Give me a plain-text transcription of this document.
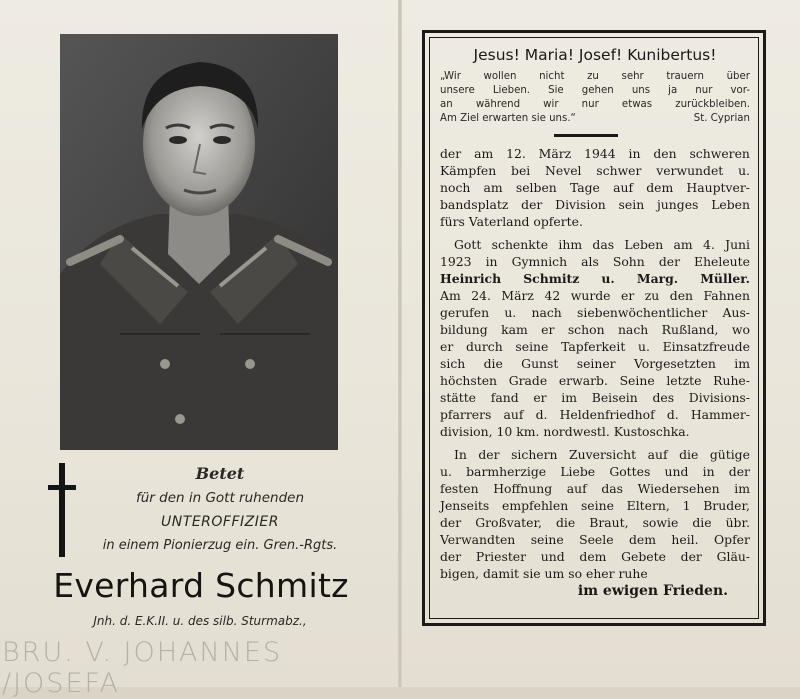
Betet
für den in Gott ruhenden
UNTEROFFIZIER
in einem Pionierzug ein. Gren.-Rgts.
Everhard Schmitz
Jnh. d. E.K.II. u. des silb. Sturmabz.,
BRU. V. JOHANNES /JOSEFA
Jesus! Maria! Josef! Kunibertus!
„Wir wollen nicht zu sehr trauern über
unsere Lieben. Sie gehen uns ja nur vor-
an während wir nur etwas zurückbleiben.
Am Ziel erwarten sie uns.“	St. Cyprian
der am 12. März 1944 in den schweren
Kämpfen bei Nevel schwer verwundet u.
noch am selben Tage auf dem Hauptver-
bandsplatz der Division sein junges Leben
fürs Vaterland opferte.
Gott schenkte ihm das Leben am 4. Juni
1923 in Gymnich als Sohn der Eheleute
Heinrich Schmitz u. Marg. Müller.
Am 24. März 42 wurde er zu den Fahnen
gerufen u. nach siebenwöchentlicher Aus-
bildung kam er schon nach Rußland, wo
er durch seine Tapferkeit u. Einsatzfreude
sich die Gunst seiner Vorgesetzten im
höchsten Grade erwarb. Seine letzte Ruhe-
stätte fand er im Beisein des Divisions-
pfarrers auf d. Heldenfriedhof d. Hammer-
division, 10 km. nordwestl. Kustoschka.
In der sichern Zuversicht auf die gütige
u. barmherzige Liebe Gottes und in der
festen Hoffnung auf das Wiedersehen im
Jenseits empfehlen seine Eltern, 1 Bruder,
der Großvater, die Braut, sowie die übr.
Verwandten seine Seele dem heil. Opfer
der Priester und dem Gebete der Gläu-
bigen, damit sie um so eher ruhe
im ewigen Frieden.
